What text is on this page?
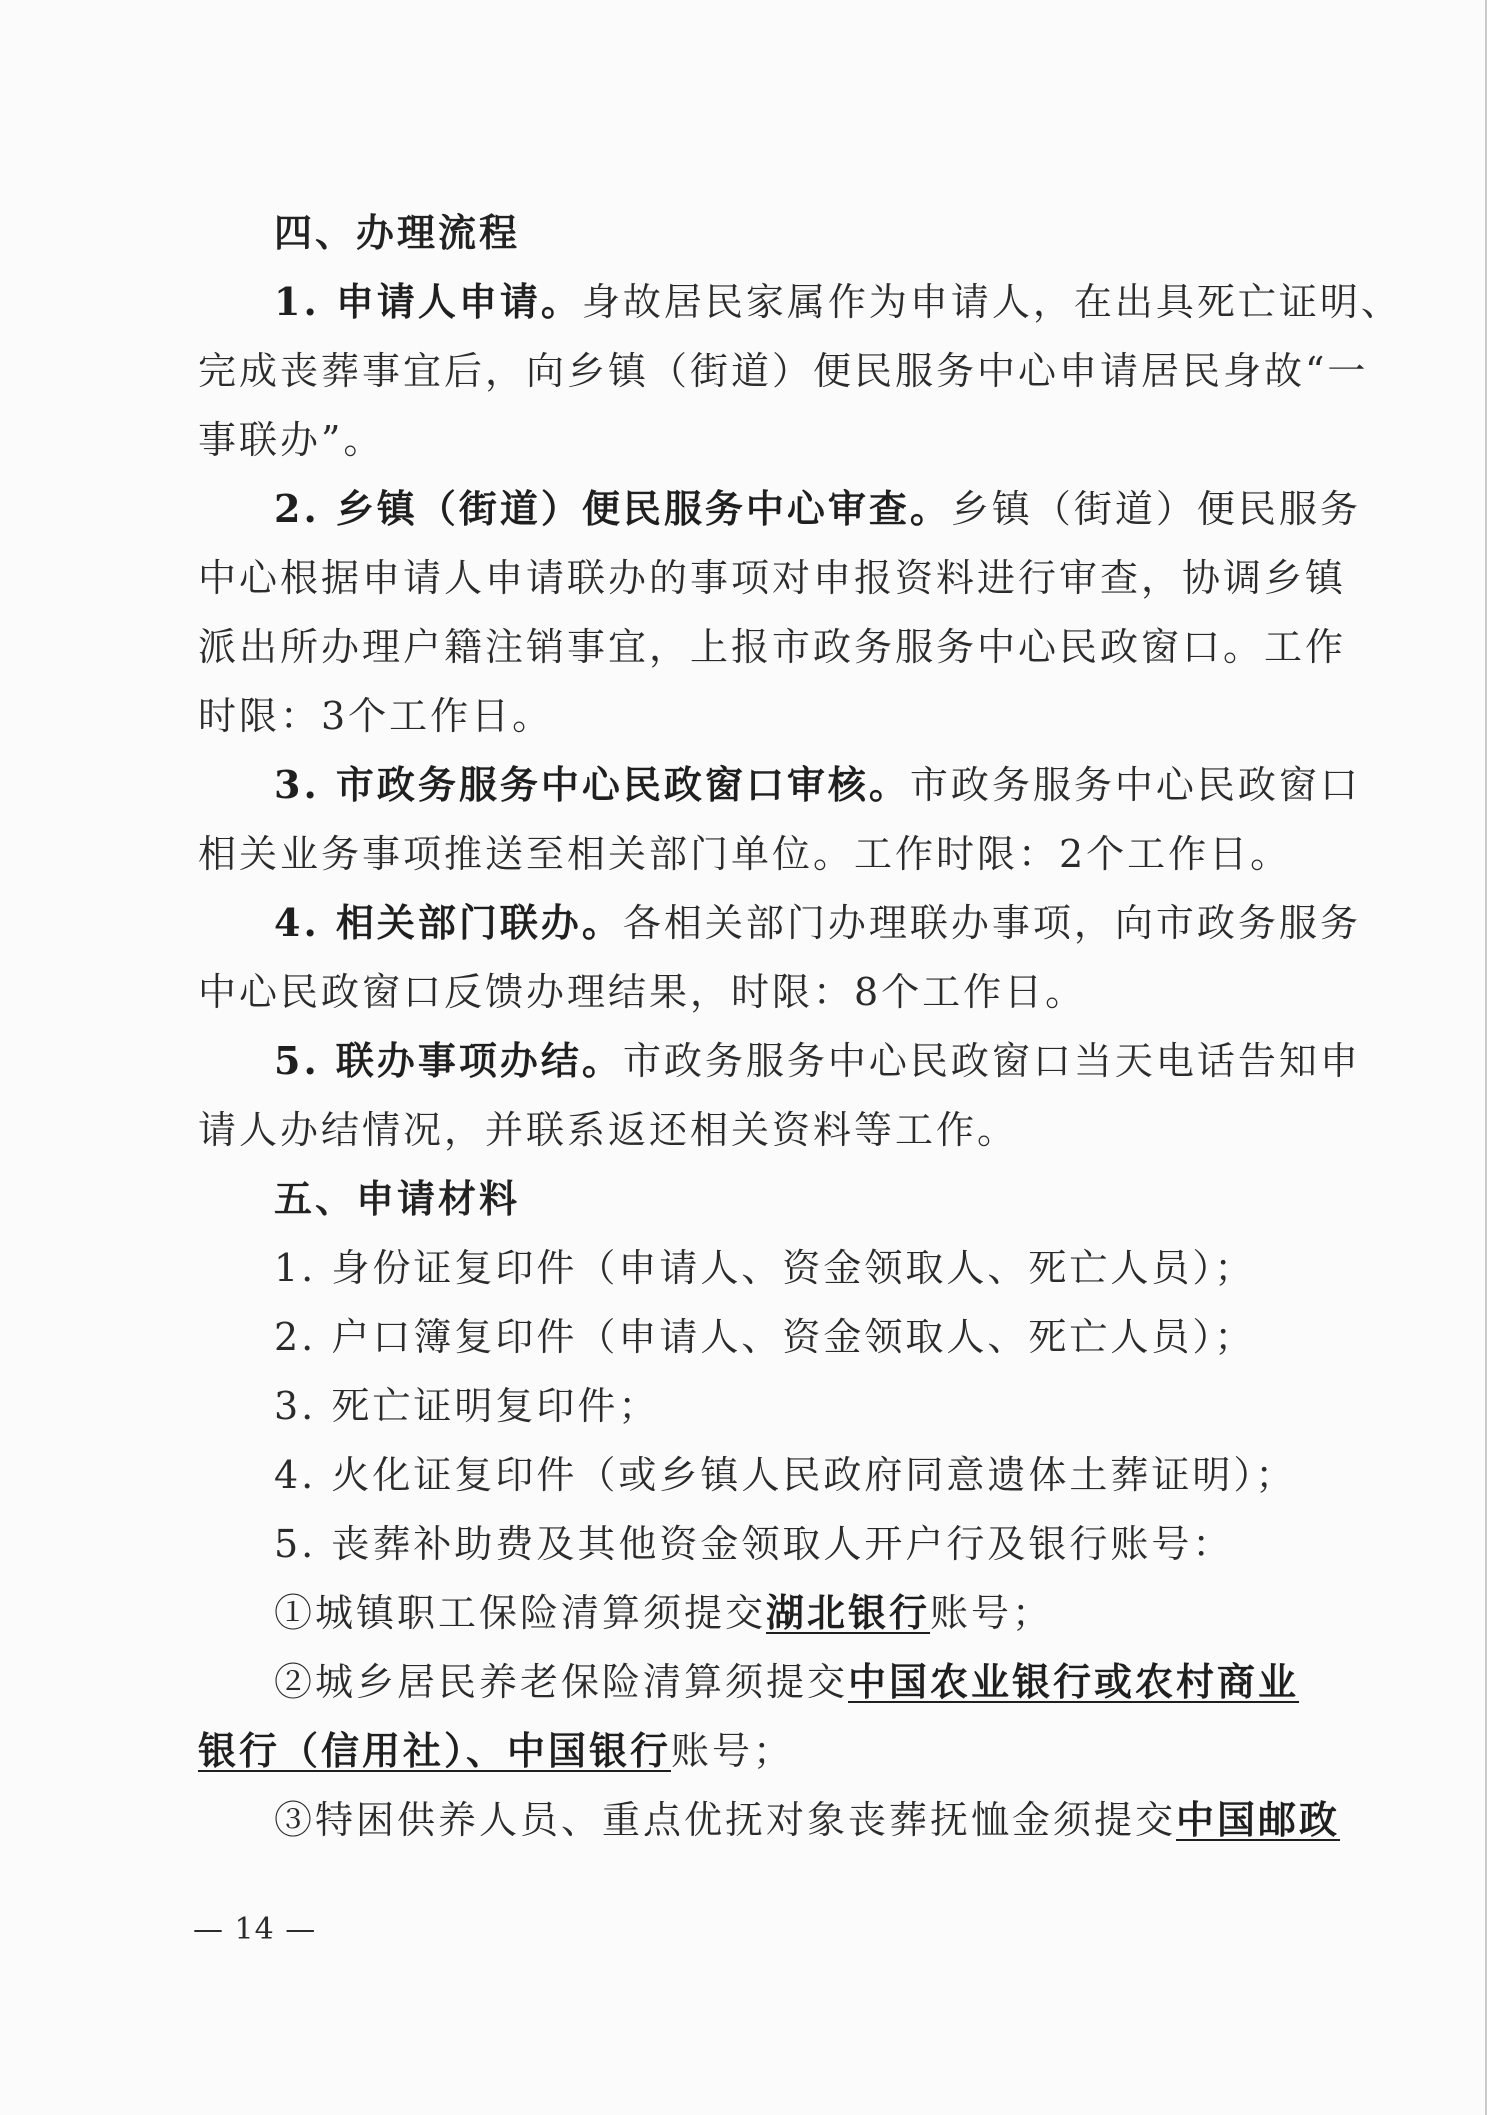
四、办理流程
1. 申请人申请。身故居民家属作为申请人，在出具死亡证明、
完成丧葬事宜后，向乡镇（街道）便民服务中心申请居民身故“一
事联办”。
2. 乡镇（街道）便民服务中心审查。乡镇（街道）便民服务
中心根据申请人申请联办的事项对申报资料进行审查，协调乡镇
派出所办理户籍注销事宜，上报市政务服务中心民政窗口。工作
时限：3个工作日。
3. 市政务服务中心民政窗口审核。市政务服务中心民政窗口
相关业务事项推送至相关部门单位。工作时限：2个工作日。
4. 相关部门联办。各相关部门办理联办事项，向市政务服务
中心民政窗口反馈办理结果，时限：8个工作日。
5. 联办事项办结。市政务服务中心民政窗口当天电话告知申
请人办结情况，并联系返还相关资料等工作。
五、申请材料
1. 身份证复印件（申请人、资金领取人、死亡人员）；
2. 户口簿复印件（申请人、资金领取人、死亡人员）；
3. 死亡证明复印件；
4. 火化证复印件（或乡镇人民政府同意遗体土葬证明）；
5. 丧葬补助费及其他资金领取人开户行及银行账号：
①城镇职工保险清算须提交湖北银行账号；
②城乡居民养老保险清算须提交中国农业银行或农村商业
银行（信用社）、中国银行账号；
③特困供养人员、重点优抚对象丧葬抚恤金须提交中国邮政
— 14 —
